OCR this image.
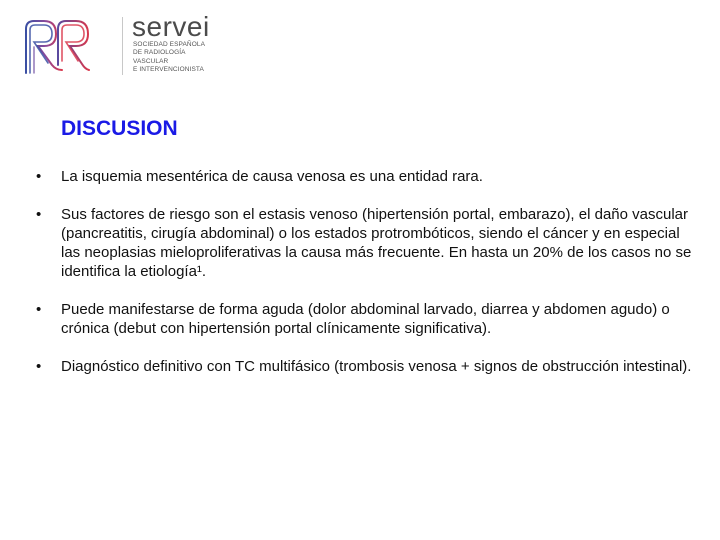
servei
SOCIEDAD ESPAÑOLA
DE RADIOLOGÍA
VASCULAR
E INTERVENCIONISTA
DISCUSION
•	La isquemia mesentérica de causa venosa es una entidad rara.
•	Sus factores de riesgo son el estasis venoso (hipertensión portal, embarazo), el daño vascular (pancreatitis, cirugía abdominal) o los estados protrombóticos, siendo el cáncer y en especial las neoplasias mieloproliferativas la causa más frecuente. En hasta un 20% de los casos no se identifica la etiología¹.
•	Puede manifestarse de forma aguda (dolor abdominal larvado, diarrea y abdomen agudo) o crónica (debut con hipertensión portal clínicamente significativa).
•	Diagnóstico definitivo con TC multifásico (trombosis venosa + signos de obstrucción intestinal).
